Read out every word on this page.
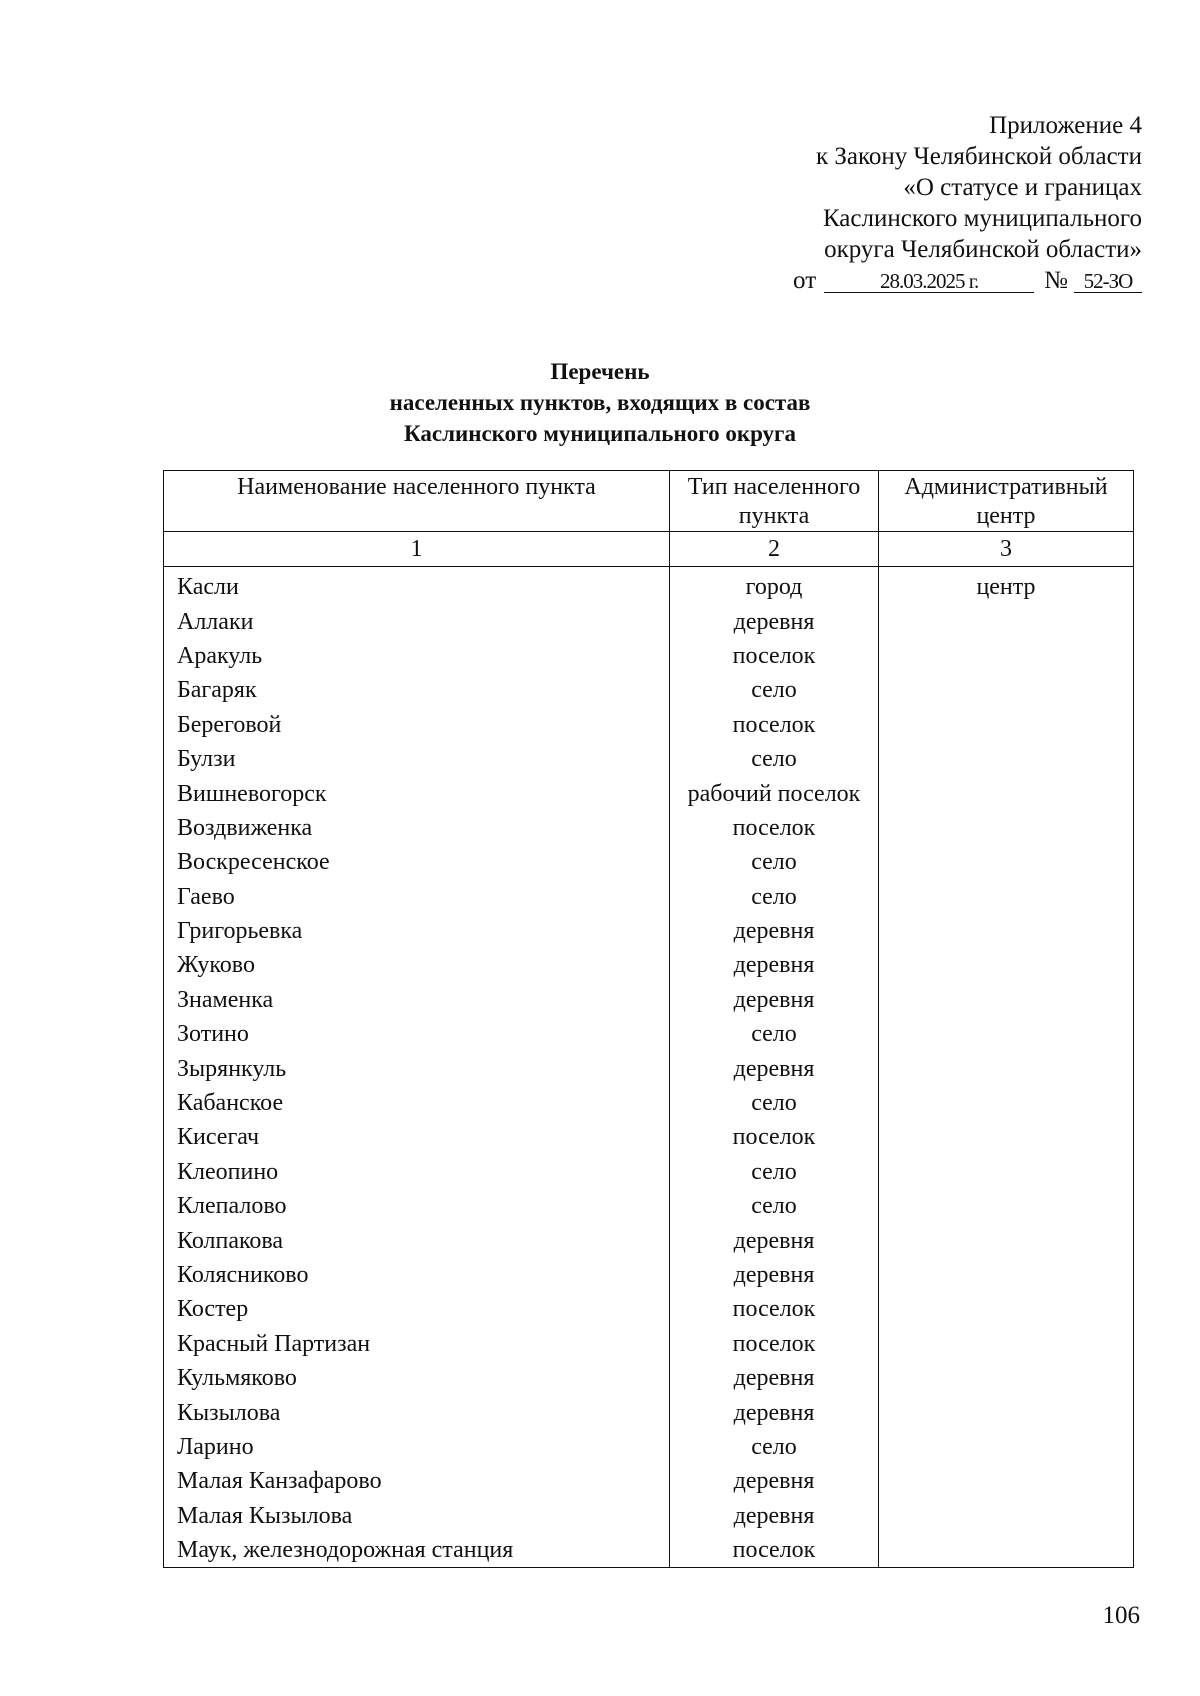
Приложение 4
к Закону Челябинской области
«О статусе и границах
Каслинского муниципального
округа Челябинской области»
от	28.03.2025 г.	№ 52-ЗО
Перечень
населенных пунктов, входящих в состав
Каслинского муниципального округа
Наименование населенного пункта	Тип населенного пункта	Административный центр
1	2	3
Касли	город	центр
Аллаки	деревня	
Аракуль	поселок	
Багаряк	село	
Береговой	поселок	
Булзи	село	
Вишневогорск	рабочий поселок	
Воздвиженка	поселок	
Воскресенское	село	
Гаево	село	
Григорьевка	деревня	
Жуково	деревня	
Знаменка	деревня	
Зотино	село	
Зырянкуль	деревня	
Кабанское	село	
Кисегач	поселок	
Клеопино	село	
Клепалово	село	
Колпакова	деревня	
Колясниково	деревня	
Костер	поселок	
Красный Партизан	поселок	
Кульмяково	деревня	
Кызылова	деревня	
Ларино	село	
Малая Канзафарово	деревня	
Малая Кызылова	деревня	
Маук, железнодорожная станция	поселок	
106
